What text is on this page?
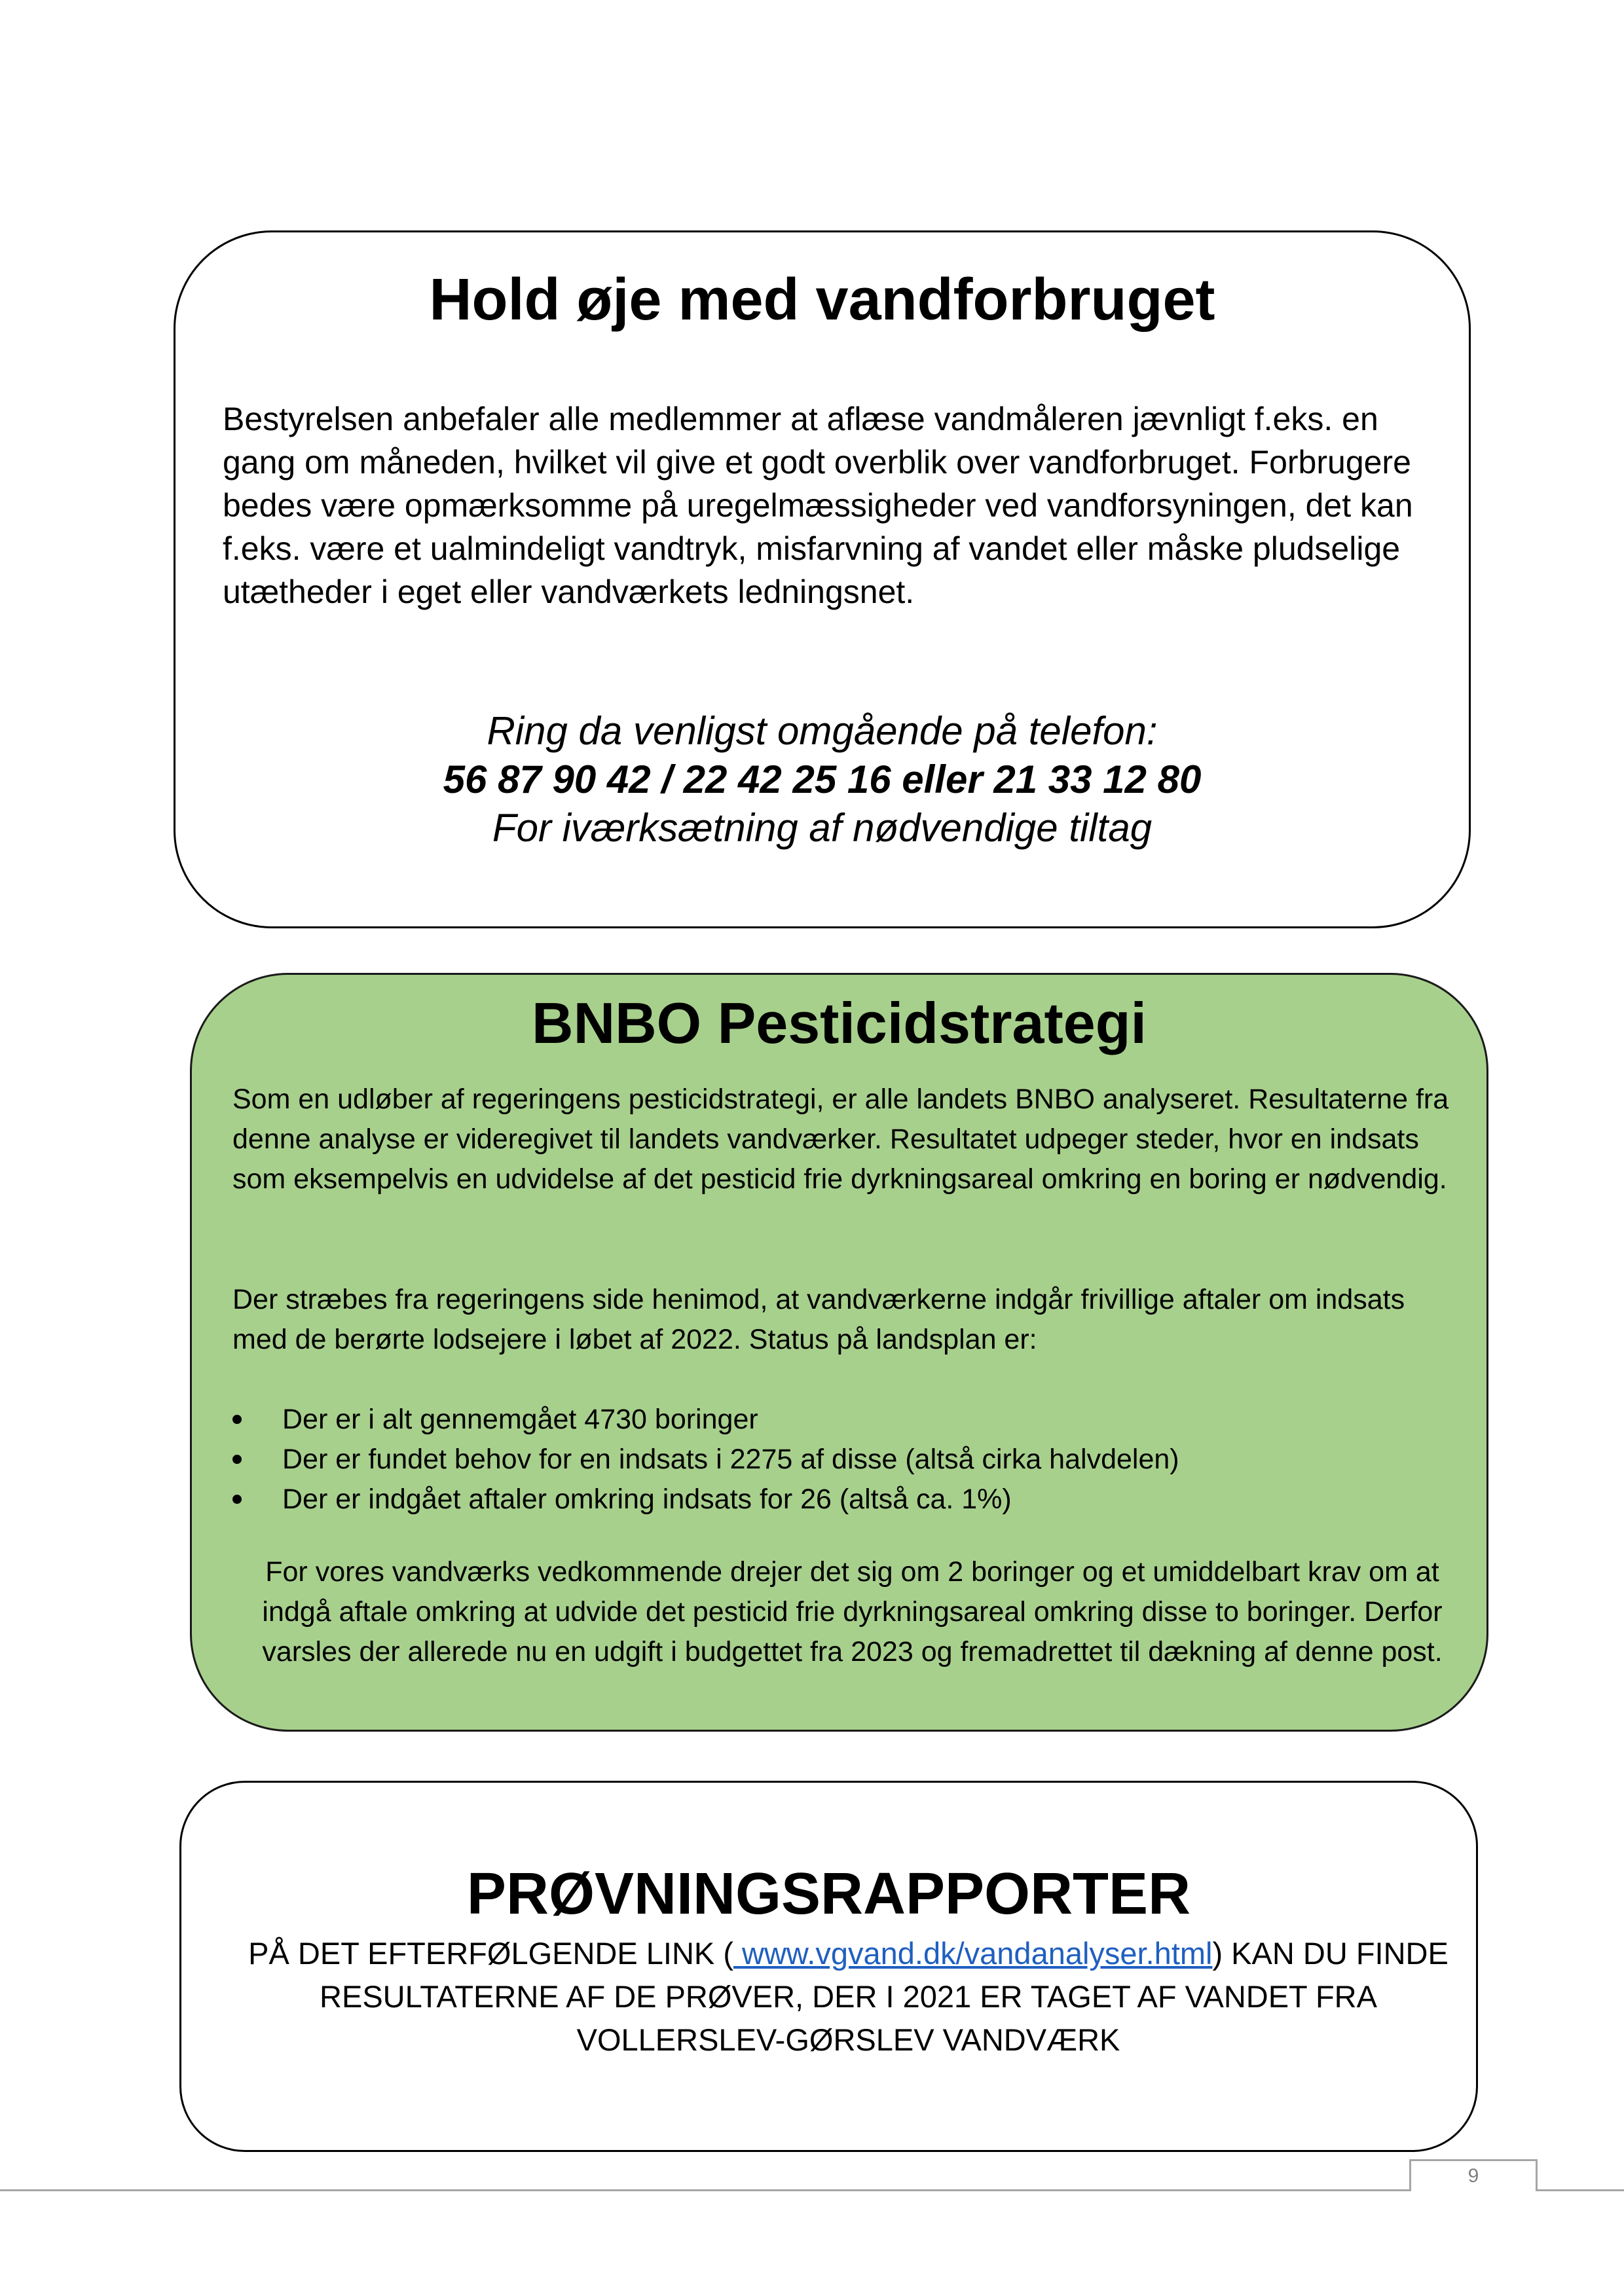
Hold øje med vandforbruget

Bestyrelsen anbefaler alle medlemmer at aflæse vandmåleren jævnligt f.eks. en gang om måneden, hvilket vil give et godt overblik over vandforbruget. Forbrugere bedes være opmærksomme på uregelmæssigheder ved vandforsyningen, det kan f.eks. være et ualmindeligt vandtryk, misfarvning af vandet eller måske pludselige utætheder i eget eller vandværkets ledningsnet.

Ring da venligst omgående på telefon:
56 87 90 42 / 22 42 25 16 eller 21 33 12 80
For iværksætning af nødvendige tiltag
BNBO Pesticidstrategi

Som en udløber af regeringens pesticidstrategi, er alle landets BNBO analyseret. Resultaterne fra denne analyse er videregivet til landets vandværker. Resultatet udpeger steder, hvor en indsats som eksempelvis en udvidelse af det pesticid frie dyrkningsareal omkring en boring er nødvendig.

Der stræbes fra regeringens side henimod, at vandværkerne indgår frivillige aftaler om indsats med de berørte lodsejere i løbet af 2022. Status på landsplan er:

Der er i alt gennemgået 4730 boringer
Der er fundet behov for en indsats i 2275 af disse (altså cirka halvdelen)
Der er indgået aftaler omkring indsats for 26 (altså ca. 1%)

For vores vandværks vedkommende drejer det sig om 2 boringer og et umiddelbart krav om at indgå aftale omkring at udvide det pesticid frie dyrkningsareal omkring disse to boringer. Derfor varsles der allerede nu en udgift i budgettet fra 2023 og fremadrettet til dækning af denne post.

PRØVNINGSRAPPORTER

PÅ DET EFTERFØLGENDE LINK ( www.vgvand.dk/vandanalyser.html) KAN DU FINDE RESULTATERNE AF DE PRØVER, DER I 2021 ER TAGET AF VANDET FRA VOLLERSLEV-GØRSLEV VANDVÆRK

9
